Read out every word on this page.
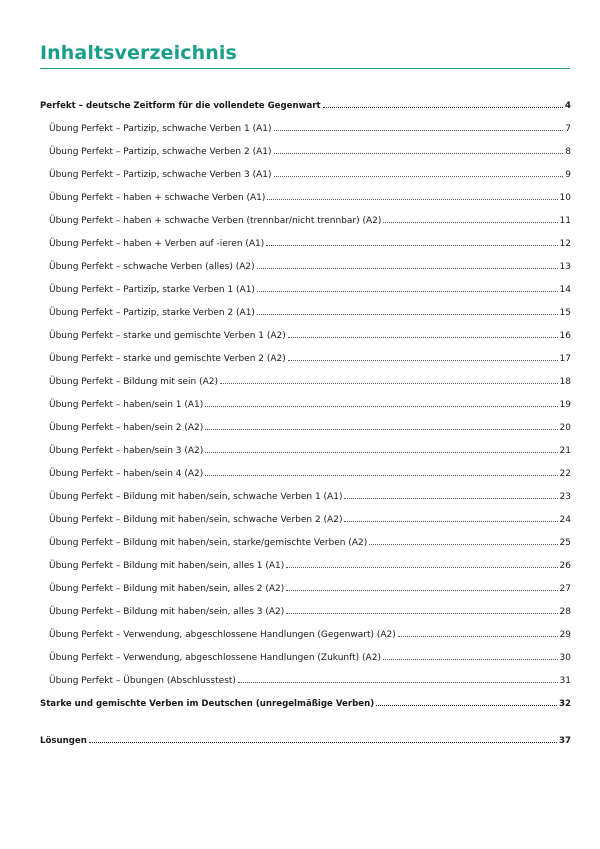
Inhaltsverzeichnis
Perfekt – deutsche Zeitform für die vollendete Gegenwart	4
Übung Perfekt – Partizip, schwache Verben 1 (A1)	7
Übung Perfekt – Partizip, schwache Verben 2 (A1)	8
Übung Perfekt – Partizip, schwache Verben 3 (A1)	9
Übung Perfekt – haben + schwache Verben (A1)	10
Übung Perfekt – haben + schwache Verben (trennbar/nicht trennbar) (A2)	11
Übung Perfekt – haben + Verben auf -ieren (A1)	12
Übung Perfekt – schwache Verben (alles) (A2)	13
Übung Perfekt – Partizip, starke Verben 1 (A1)	14
Übung Perfekt – Partizip, starke Verben 2 (A1)	15
Übung Perfekt – starke und gemischte Verben 1 (A2)	16
Übung Perfekt – starke und gemischte Verben 2 (A2)	17
Übung Perfekt – Bildung mit sein (A2)	18
Übung Perfekt – haben/sein 1 (A1)	19
Übung Perfekt – haben/sein 2 (A2)	20
Übung Perfekt – haben/sein 3 (A2)	21
Übung Perfekt – haben/sein 4 (A2)	22
Übung Perfekt – Bildung mit haben/sein, schwache Verben 1 (A1)	23
Übung Perfekt – Bildung mit haben/sein, schwache Verben 2 (A2)	24
Übung Perfekt – Bildung mit haben/sein, starke/gemischte Verben (A2)	25
Übung Perfekt – Bildung mit haben/sein, alles 1 (A1)	26
Übung Perfekt – Bildung mit haben/sein, alles 2 (A2)	27
Übung Perfekt – Bildung mit haben/sein, alles 3 (A2)	28
Übung Perfekt – Verwendung, abgeschlossene Handlungen (Gegenwart) (A2)	29
Übung Perfekt – Verwendung, abgeschlossene Handlungen (Zukunft) (A2)	30
Übung Perfekt – Übungen (Abschlusstest)	31
Starke und gemischte Verben im Deutschen (unregelmäßige Verben)	32
Lösungen	37
